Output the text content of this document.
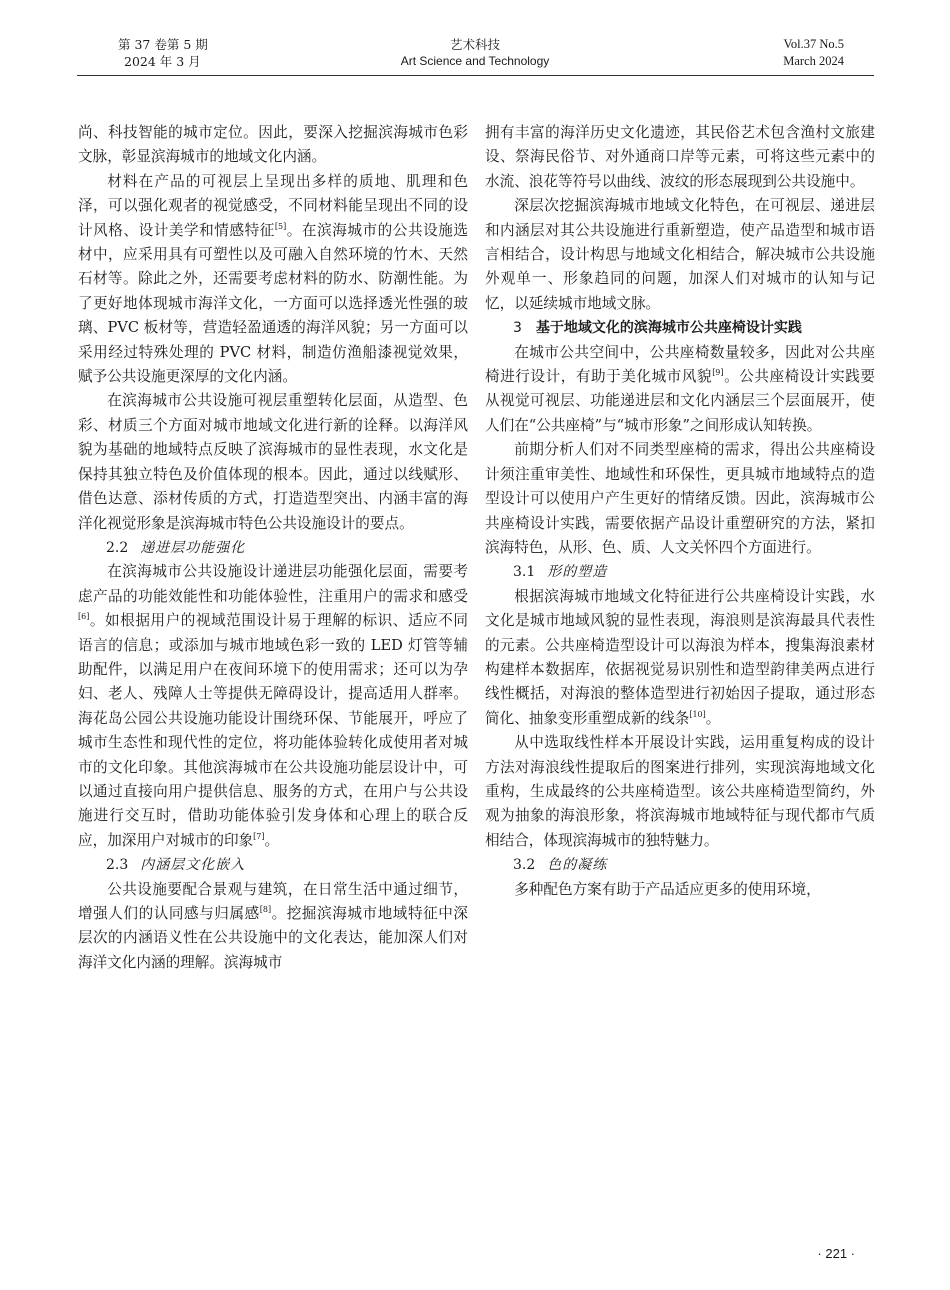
第 37 卷第 5 期
2024 年 3 月
艺术科技
Art Science and Technology
Vol.37 No.5
March 2024

尚、科技智能的城市定位。因此，要深入挖掘滨海城市色彩文脉，彰显滨海城市的地域文化内涵。

材料在产品的可视层上呈现出多样的质地、肌理和色泽，可以强化观者的视觉感受，不同材料能呈现出不同的设计风格、设计美学和情感特征[5]。在滨海城市的公共设施选材中，应采用具有可塑性以及可融入自然环境的竹木、天然石材等。除此之外，还需要考虑材料的防水、防潮性能。为了更好地体现城市海洋文化，一方面可以选择透光性强的玻璃、PVC 板材等，营造轻盈通透的海洋风貌；另一方面可以采用经过特殊处理的 PVC 材料，制造仿渔船漆视觉效果，赋予公共设施更深厚的文化内涵。

在滨海城市公共设施可视层重塑转化层面，从造型、色彩、材质三个方面对城市地域文化进行新的诠释。以海洋风貌为基础的地域特点反映了滨海城市的显性表现，水文化是保持其独立特色及价值体现的根本。因此，通过以线赋形、借色达意、添材传质的方式，打造造型突出、内涵丰富的海洋化视觉形象是滨海城市特色公共设施设计的要点。

2.2 递进层功能强化

在滨海城市公共设施设计递进层功能强化层面，需要考虑产品的功能效能性和功能体验性，注重用户的需求和感受[6]。如根据用户的视域范围设计易于理解的标识、适应不同语言的信息；或添加与城市地域色彩一致的 LED 灯管等辅助配件，以满足用户在夜间环境下的使用需求；还可以为孕妇、老人、残障人士等提供无障碍设计，提高适用人群率。海花岛公园公共设施功能设计围绕环保、节能展开，呼应了城市生态性和现代性的定位，将功能体验转化成使用者对城市的文化印象。其他滨海城市在公共设施功能层设计中，可以通过直接向用户提供信息、服务的方式，在用户与公共设施进行交互时，借助功能体验引发身体和心理上的联合反应，加深用户对城市的印象[7]。

2.3 内涵层文化嵌入

公共设施要配合景观与建筑，在日常生活中通过细节，增强人们的认同感与归属感[8]。挖掘滨海城市地域特征中深层次的内涵语义性在公共设施中的文化表达，能加深人们对海洋文化内涵的理解。滨海城市

拥有丰富的海洋历史文化遗迹，其民俗艺术包含渔村文旅建设、祭海民俗节、对外通商口岸等元素，可将这些元素中的水流、浪花等符号以曲线、波纹的形态展现到公共设施中。

深层次挖掘滨海城市地域文化特色，在可视层、递进层和内涵层对其公共设施进行重新塑造，使产品造型和城市语言相结合，设计构思与地域文化相结合，解决城市公共设施外观单一、形象趋同的问题，加深人们对城市的认知与记忆，以延续城市地域文脉。

3 基于地域文化的滨海城市公共座椅设计实践

在城市公共空间中，公共座椅数量较多，因此对公共座椅进行设计，有助于美化城市风貌[9]。公共座椅设计实践要从视觉可视层、功能递进层和文化内涵层三个层面展开，使人们在“公共座椅”与“城市形象”之间形成认知转换。

前期分析人们对不同类型座椅的需求，得出公共座椅设计须注重审美性、地域性和环保性，更具城市地域特点的造型设计可以使用户产生更好的情绪反馈。因此，滨海城市公共座椅设计实践，需要依据产品设计重塑研究的方法，紧扣滨海特色，从形、色、质、人文关怀四个方面进行。

3.1 形的塑造

根据滨海城市地域文化特征进行公共座椅设计实践，水文化是城市地域风貌的显性表现，海浪则是滨海最具代表性的元素。公共座椅造型设计可以海浪为样本，搜集海浪素材构建样本数据库，依据视觉易识别性和造型韵律美两点进行线性概括，对海浪的整体造型进行初始因子提取，通过形态简化、抽象变形重塑成新的线条[10]。

从中选取线性样本开展设计实践，运用重复构成的设计方法对海浪线性提取后的图案进行排列，实现滨海地域文化重构，生成最终的公共座椅造型。该公共座椅造型简约，外观为抽象的海浪形象，将滨海城市地域特征与现代都市气质相结合，体现滨海城市的独特魅力。

3.2 色的凝练

多种配色方案有助于产品适应更多的使用环境，

· 221 ·
